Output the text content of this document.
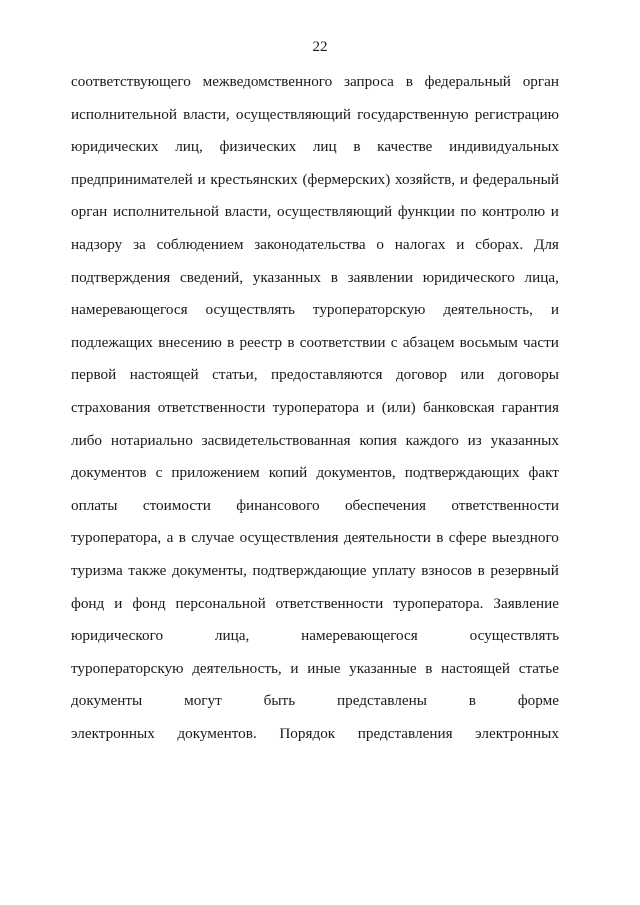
22
соответствующего межведомственного запроса в федеральный орган
исполнительной власти, осуществляющий государственную регистрацию
юридических лиц, физических лиц в качестве индивидуальных
предпринимателей и крестьянских (фермерских) хозяйств, и федеральный
орган исполнительной власти, осуществляющий функции по контролю и
надзору за соблюдением законодательства о налогах и сборах. Для
подтверждения сведений, указанных в заявлении юридического лица,
намеревающегося осуществлять туроператорскую деятельность, и
подлежащих внесению в реестр в соответствии с абзацем восьмым части
первой настоящей статьи, предоставляются договор или договоры
страхования ответственности туроператора и (или) банковская гарантия
либо нотариально засвидетельствованная копия каждого из указанных
документов с приложением копий документов, подтверждающих факт
оплаты стоимости финансового обеспечения ответственности
туроператора, а в случае осуществления деятельности в сфере выездного
туризма также документы, подтверждающие уплату взносов в резервный
фонд и фонд персональной ответственности туроператора. Заявление
юридического	лица,	намеревающегося	осуществлять
туроператорскую деятельность, и иные указанные в настоящей статье
документы	могут	быть	представлены	в	форме
электронных документов. Порядок представления электронных
